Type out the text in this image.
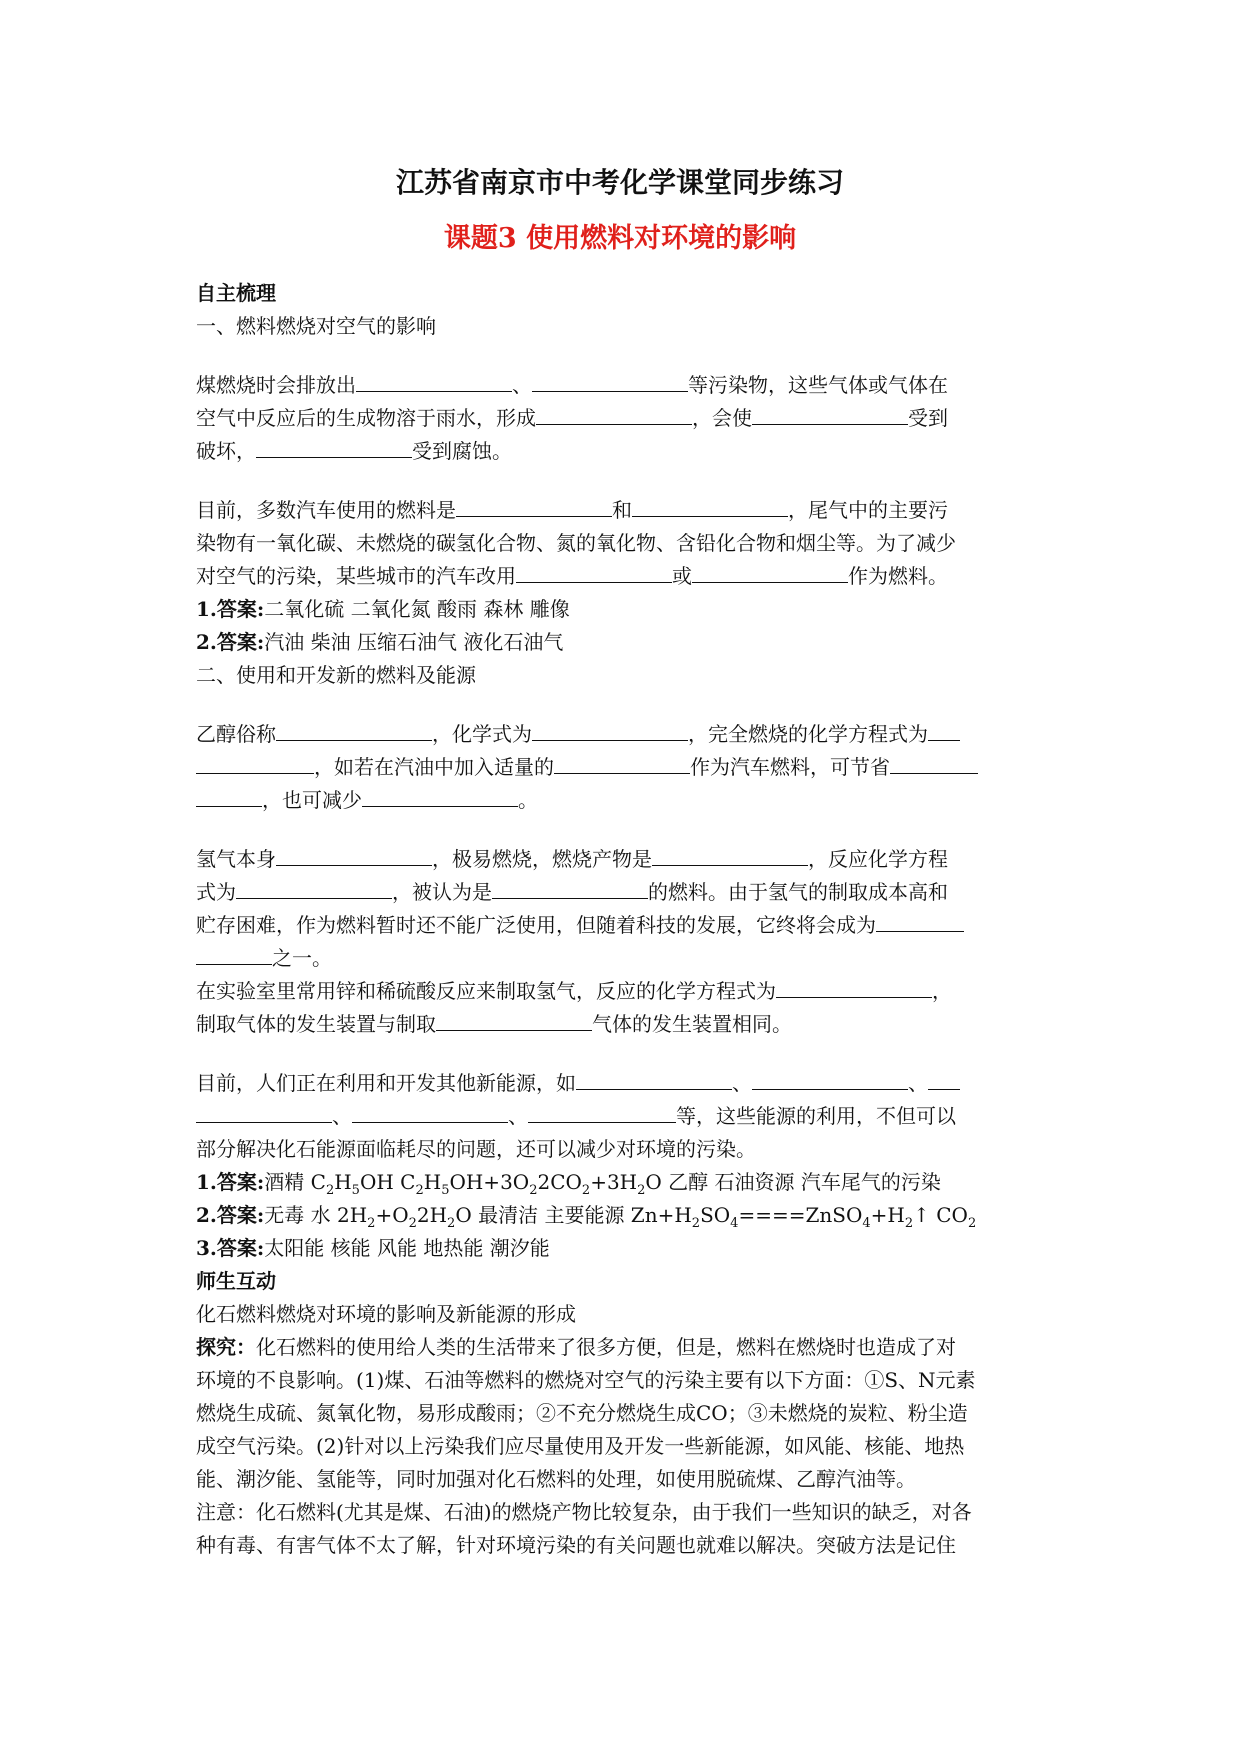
江苏省南京市中考化学课堂同步练习
课题3 使用燃料对环境的影响

自主梳理

一、燃料燃烧对空气的影响

煤燃烧时会排放出	、	等污染物，这些气体或气体在
空气中反应后的生成物溶于雨水，形成	，会使	受到
破坏，	受到腐蚀。

目前，多数汽车使用的燃料是	和	，尾气中的主要污
染物有一氧化碳、未燃烧的碳氢化合物、氮的氧化物、含铅化合物和烟尘等。为了减少
对空气的污染，某些城市的汽车改用	或	作为燃料。

1.答案:二氧化硫 二氧化氮 酸雨 森林 雕像

2.答案:汽油 柴油 压缩石油气 液化石油气

二、使用和开发新的燃料及能源

乙醇俗称	，化学式为	，完全燃烧的化学方程式为
，如若在汽油中加入适量的	作为汽车燃料，可节省
，也可减少	。

氢气本身	，极易燃烧，燃烧产物是	，反应化学方程
式为	，被认为是	的燃料。由于氢气的制取成本高和
贮存困难，作为燃料暂时还不能广泛使用，但随着科技的发展，它终将会成为
之一。
在实验室里常用锌和稀硫酸反应来制取氢气，反应的化学方程式为	，
制取气体的发生装置与制取	气体的发生装置相同。

目前，人们正在利用和开发其他新能源，如	、	、
、	、	等，这些能源的利用，不但可以
部分解决化石能源面临耗尽的问题，还可以减少对环境的污染。

1.答案:酒精 $C_2H_5OH$ $C_2H_5OH+3O_22CO_2+3H_2O$ 乙醇 石油资源 汽车尾气的污染

2.答案:无毒 水 $2H_2+O_22H_2O$ 最清洁 主要能源 $Zn+H_2SO_4====ZnSO_4+H_2↑$ $CO_2$

3.答案:太阳能 核能 风能 地热能 潮汐能

师生互动

化石燃料燃烧对环境的影响及新能源的形成

探究：化石燃料的使用给人类的生活带来了很多方便，但是，燃料在燃烧时也造成了对
环境的不良影响。(1)煤、石油等燃料的燃烧对空气的污染主要有以下方面：①S、N元素
燃烧生成硫、氮氧化物，易形成酸雨；②不充分燃烧生成CO；③未燃烧的炭粒、粉尘造
成空气污染。(2)针对以上污染我们应尽量使用及开发一些新能源，如风能、核能、地热
能、潮汐能、氢能等，同时加强对化石燃料的处理，如使用脱硫煤、乙醇汽油等。

注意：化石燃料(尤其是煤、石油)的燃烧产物比较复杂，由于我们一些知识的缺乏，对各
种有毒、有害气体不太了解，针对环境污染的有关问题也就难以解决。突破方法是记住
